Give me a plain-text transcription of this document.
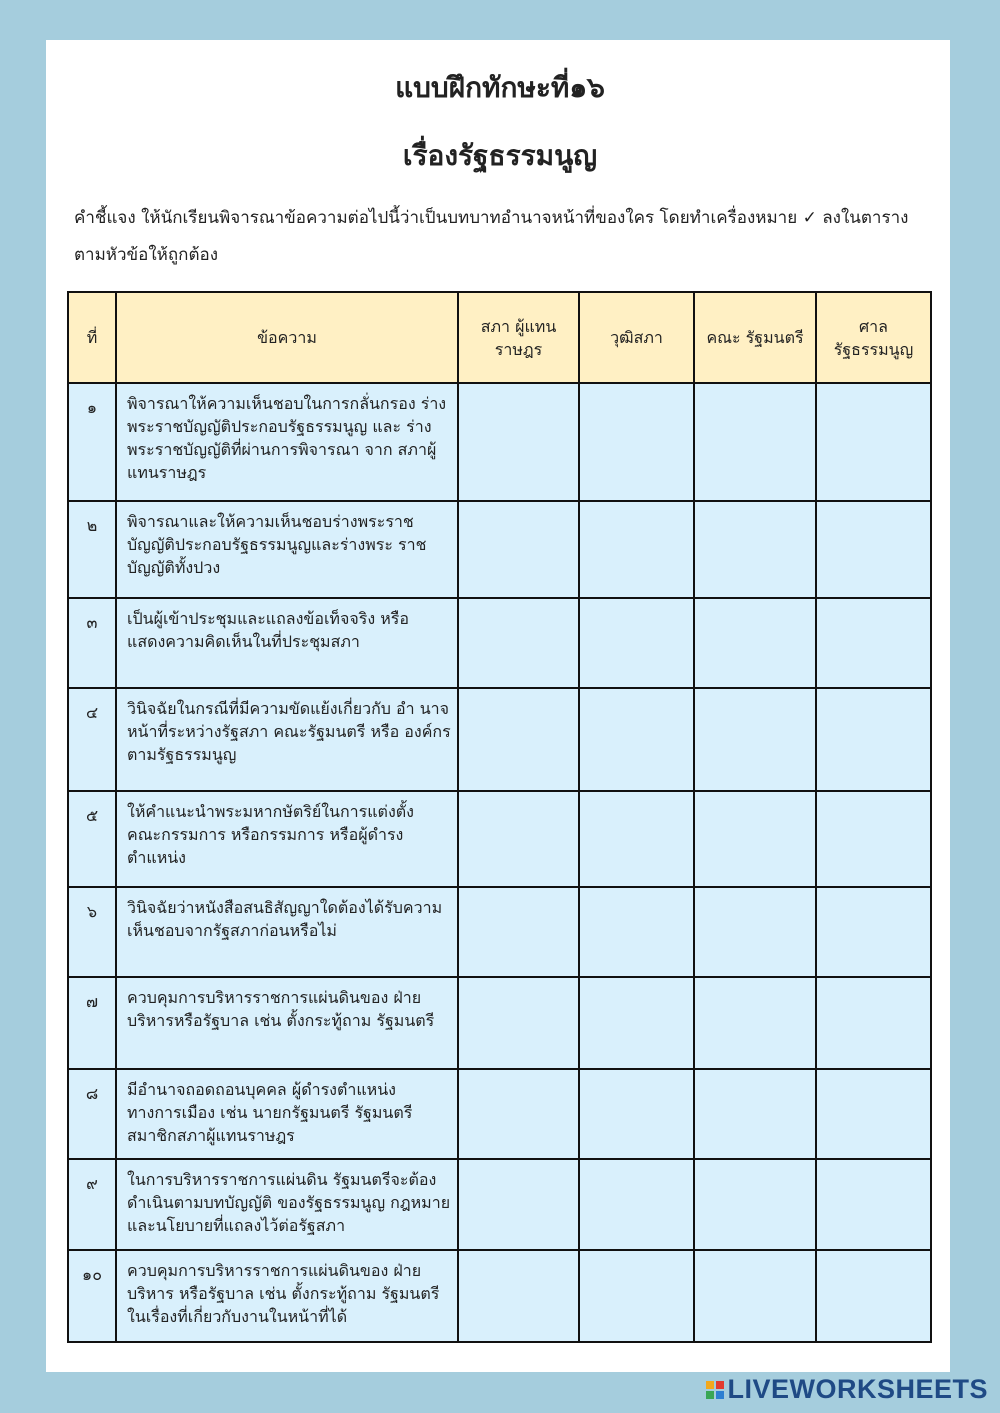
แบบฝึกทักษะที่๑๖
เรื่องรัฐธรรมนูญ
คำชี้แจง ให้นักเรียนพิจารณาข้อความต่อไปนี้ว่าเป็นบทบาทอำนาจหน้าที่ของใคร โดยทำเครื่องหมาย ✓ ลงในตารางตามหัวข้อให้ถูกต้อง
ที่	ข้อความ	สภา ผู้แทนราษฎร	วุฒิสภา	คณะ รัฐมนตรี	ศาล รัฐธรรมนูญ
๑	พิจารณาให้ความเห็นชอบในการกลั่นกรอง ร่างพระราชบัญญัติประกอบรัฐธรรมนูญ และ ร่างพระราชบัญญัติที่ผ่านการพิจารณา จาก สภาผู้แทนราษฎร				
๒	พิจารณาและให้ความเห็นชอบร่างพระราช บัญญัติประกอบรัฐธรรมนูญและร่างพระ ราช บัญญัติทั้งปวง				
๓	เป็นผู้เข้าประชุมและแถลงข้อเท็จจริง หรือ แสดงความคิดเห็นในที่ประชุมสภา				
๔	วินิจฉัยในกรณีที่มีความขัดแย้งเกี่ยวกับ อำ นาจหน้าที่ระหว่างรัฐสภา คณะรัฐมนตรี หรือ องค์กรตามรัฐธรรมนูญ				
๕	ให้คำแนะนำพระมหากษัตริย์ในการแต่งตั้ง คณะกรรมการ หรือกรรมการ หรือผู้ดำรง ตำแหน่ง				
๖	วินิจฉัยว่าหนังสือสนธิสัญญาใดต้องได้รับความ เห็นชอบจากรัฐสภาก่อนหรือไม่				
๗	ควบคุมการบริหารราชการแผ่นดินของ ฝ่าย บริหารหรือรัฐบาล เช่น ตั้งกระทู้ถาม รัฐมนตรี				
๘	มีอำนาจถอดถอนบุคคล ผู้ดำรงตำแหน่ง ทางการเมือง เช่น นายกรัฐมนตรี รัฐมนตรี สมาชิกสภาผู้แทนราษฎร				
๙	ในการบริหารราชการแผ่นดิน รัฐมนตรีจะต้อง ดำเนินตามบทบัญญัติ ของรัฐธรรมนูญ กฎหมายและนโยบายที่แถลงไว้ต่อรัฐสภา				
๑๐	ควบคุมการบริหารราชการแผ่นดินของ ฝ่าย บริหาร หรือรัฐบาล เช่น ตั้งกระทู้ถาม รัฐมนตรีในเรื่องที่เกี่ยวกับงานในหน้าที่ได้				
LIVEWORKSHEETS
